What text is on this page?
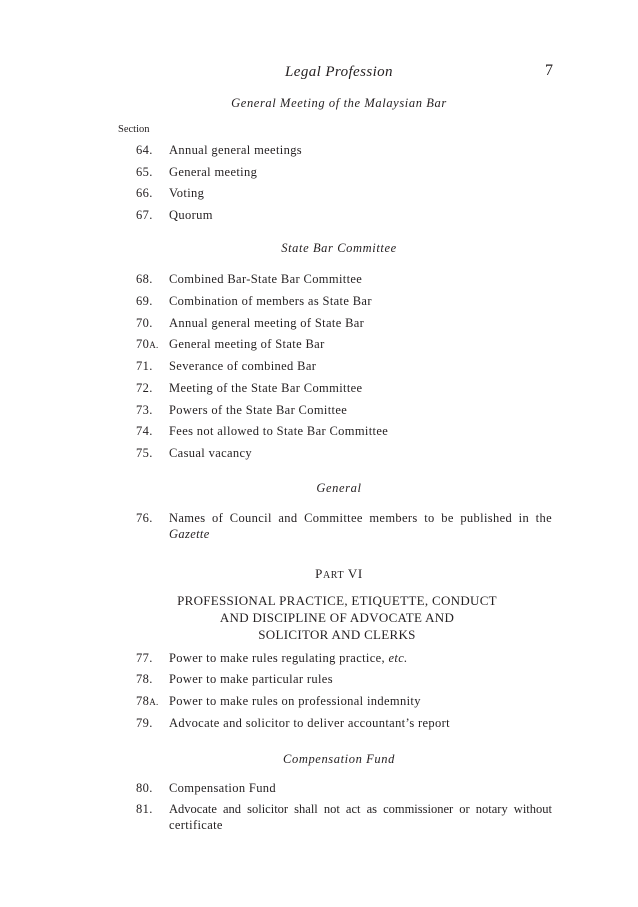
Legal Profession	7
General Meeting of the Malaysian Bar
Section
64. Annual general meetings
65. General meeting
66. Voting
67. Quorum
State Bar Committee
68. Combined Bar-State Bar Committee
69. Combination of members as State Bar
70. Annual general meeting of State Bar
70A. General meeting of State Bar
71. Severance of combined Bar
72. Meeting of the State Bar Committee
73. Powers of the State Bar Comittee
74. Fees not allowed to State Bar Committee
75. Casual vacancy
General
76. Names of Council and Committee members to be published in the
Gazette
PART VI
PROFESSIONAL PRACTICE, ETIQUETTE, CONDUCT
AND DISCIPLINE OF ADVOCATE AND
SOLICITOR AND CLERKS
77. Power to make rules regulating practice, etc.
78. Power to make particular rules
78A. Power to make rules on professional indemnity
79. Advocate and solicitor to deliver accountant’s report
Compensation Fund
80. Compensation Fund
81. Advocate and solicitor shall not act as commissioner or notary without
certificate
